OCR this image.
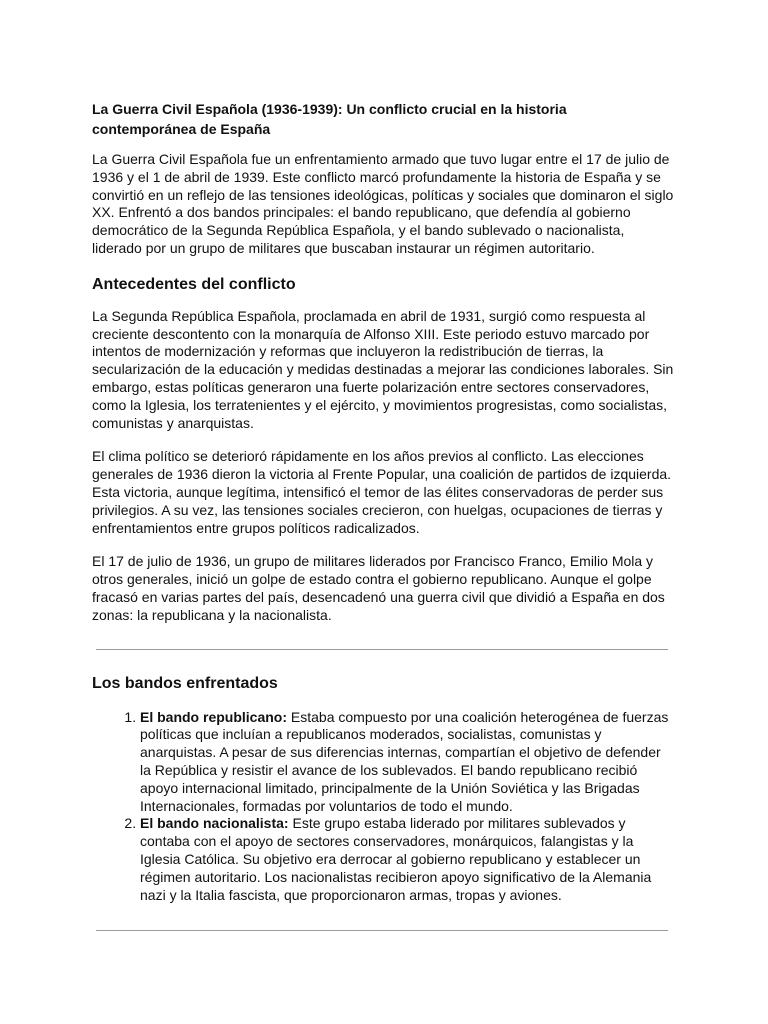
La Guerra Civil Española (1936-1939): Un conflicto crucial en la historia contemporánea de España

La Guerra Civil Española fue un enfrentamiento armado que tuvo lugar entre el 17 de julio de 1936 y el 1 de abril de 1939. Este conflicto marcó profundamente la historia de España y se convirtió en un reflejo de las tensiones ideológicas, políticas y sociales que dominaron el siglo XX. Enfrentó a dos bandos principales: el bando republicano, que defendía al gobierno democrático de la Segunda República Española, y el bando sublevado o nacionalista, liderado por un grupo de militares que buscaban instaurar un régimen autoritario.

Antecedentes del conflicto

La Segunda República Española, proclamada en abril de 1931, surgió como respuesta al creciente descontento con la monarquía de Alfonso XIII. Este periodo estuvo marcado por intentos de modernización y reformas que incluyeron la redistribución de tierras, la secularización de la educación y medidas destinadas a mejorar las condiciones laborales. Sin embargo, estas políticas generaron una fuerte polarización entre sectores conservadores, como la Iglesia, los terratenientes y el ejército, y movimientos progresistas, como socialistas, comunistas y anarquistas.

El clima político se deterioró rápidamente en los años previos al conflicto. Las elecciones generales de 1936 dieron la victoria al Frente Popular, una coalición de partidos de izquierda. Esta victoria, aunque legítima, intensificó el temor de las élites conservadoras de perder sus privilegios. A su vez, las tensiones sociales crecieron, con huelgas, ocupaciones de tierras y enfrentamientos entre grupos políticos radicalizados.

El 17 de julio de 1936, un grupo de militares liderados por Francisco Franco, Emilio Mola y otros generales, inició un golpe de estado contra el gobierno republicano. Aunque el golpe fracasó en varias partes del país, desencadenó una guerra civil que dividió a España en dos zonas: la republicana y la nacionalista.

Los bandos enfrentados
1. El bando republicano: Estaba compuesto por una coalición heterogénea de fuerzas políticas que incluían a republicanos moderados, socialistas, comunistas y anarquistas. A pesar de sus diferencias internas, compartían el objetivo de defender la República y resistir el avance de los sublevados. El bando republicano recibió apoyo internacional limitado, principalmente de la Unión Soviética y las Brigadas Internacionales, formadas por voluntarios de todo el mundo.
2. El bando nacionalista: Este grupo estaba liderado por militares sublevados y contaba con el apoyo de sectores conservadores, monárquicos, falangistas y la Iglesia Católica. Su objetivo era derrocar al gobierno republicano y establecer un régimen autoritario. Los nacionalistas recibieron apoyo significativo de la Alemania nazi y la Italia fascista, que proporcionaron armas, tropas y aviones.
